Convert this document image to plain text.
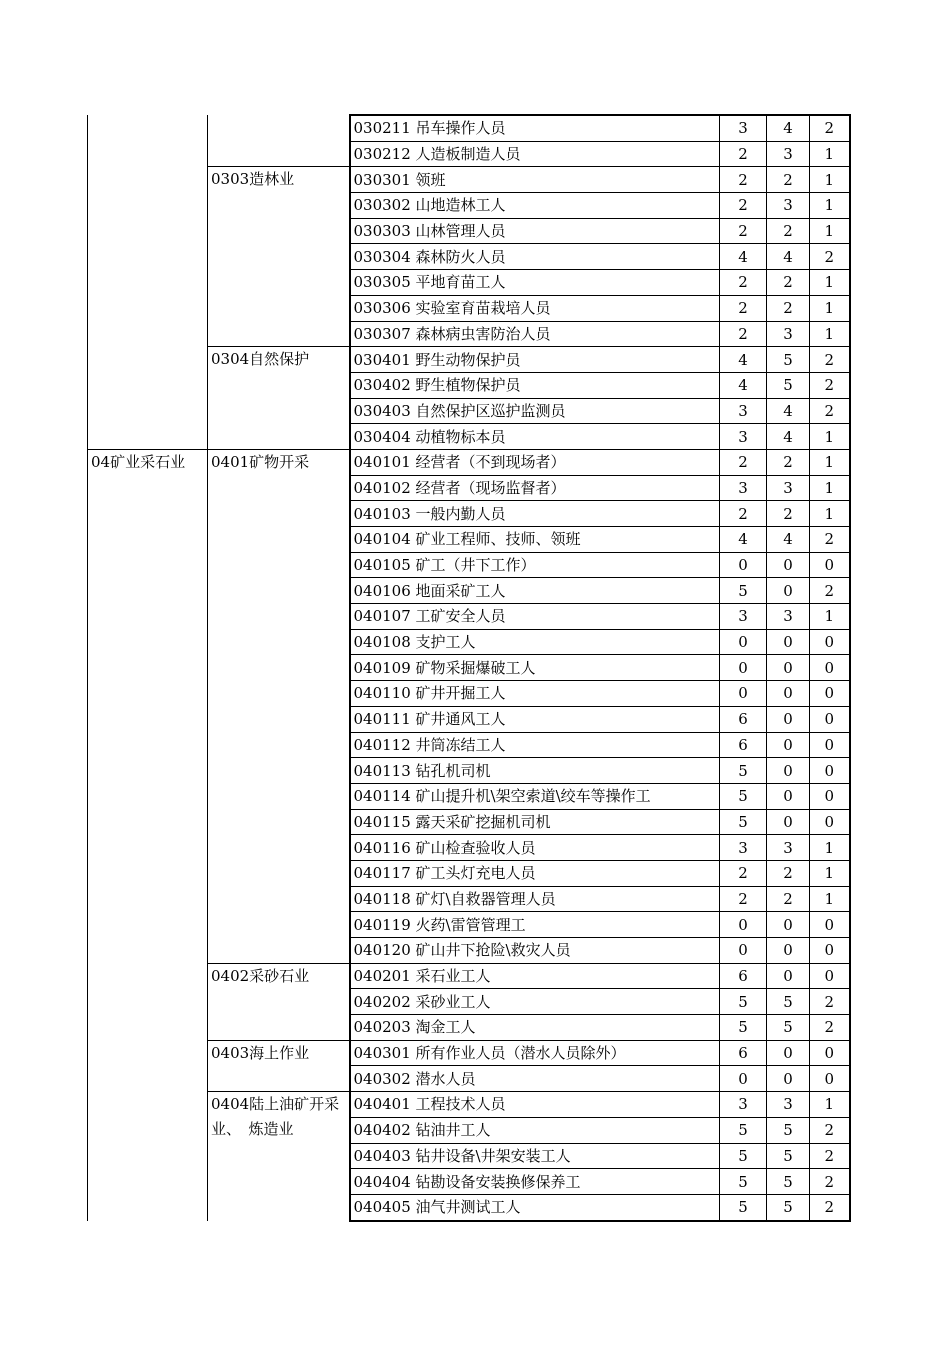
		030211 吊车操作人员	3	4	2
		030212 人造板制造人员	2	3	1
	0303造林业	030301 领班	2	2	1
		030302 山地造林工人	2	3	1
		030303 山林管理人员	2	2	1
		030304 森林防火人员	4	4	2
		030305 平地育苗工人	2	2	1
		030306 实验室育苗栽培人员	2	2	1
		030307 森林病虫害防治人员	2	3	1
	0304自然保护	030401 野生动物保护员	4	5	2
		030402 野生植物保护员	4	5	2
		030403 自然保护区巡护监测员	3	4	2
		030404 动植物标本员	3	4	1
04矿业采石业	0401矿物开采	040101 经营者（不到现场者）	2	2	1
		040102 经营者（现场监督者）	3	3	1
		040103 一般内勤人员	2	2	1
		040104 矿业工程师、技师、领班	4	4	2
		040105 矿工（井下工作）	0	0	0
		040106 地面采矿工人	5	0	2
		040107 工矿安全人员	3	3	1
		040108 支护工人	0	0	0
		040109 矿物采掘爆破工人	0	0	0
		040110 矿井开掘工人	0	0	0
		040111 矿井通风工人	6	0	0
		040112 井筒冻结工人	6	0	0
		040113 钻孔机司机	5	0	0
		040114 矿山提升机\架空索道\绞车等操作工	5	0	0
		040115 露天采矿挖掘机司机	5	0	0
		040116 矿山检查验收人员	3	3	1
		040117 矿工头灯充电人员	2	2	1
		040118 矿灯\自救器管理人员	2	2	1
		040119 火药\雷管管理工	0	0	0
		040120 矿山井下抢险\救灾人员	0	0	0
	0402采砂石业	040201 采石业工人	6	0	0
		040202 采砂业工人	5	5	2
		040203 淘金工人	5	5	2
	0403海上作业	040301 所有作业人员（潜水人员除外）	6	0	0
		040302 潜水人员	0	0	0
	0404陆上油矿开采业、　炼造业	040401 工程技术人员	3	3	1
		040402 钻油井工人	5	5	2
		040403 钻井设备\井架安装工人	5	5	2
		040404 钻勘设备安装换修保养工	5	5	2
		040405 油气井测试工人	5	5	2
